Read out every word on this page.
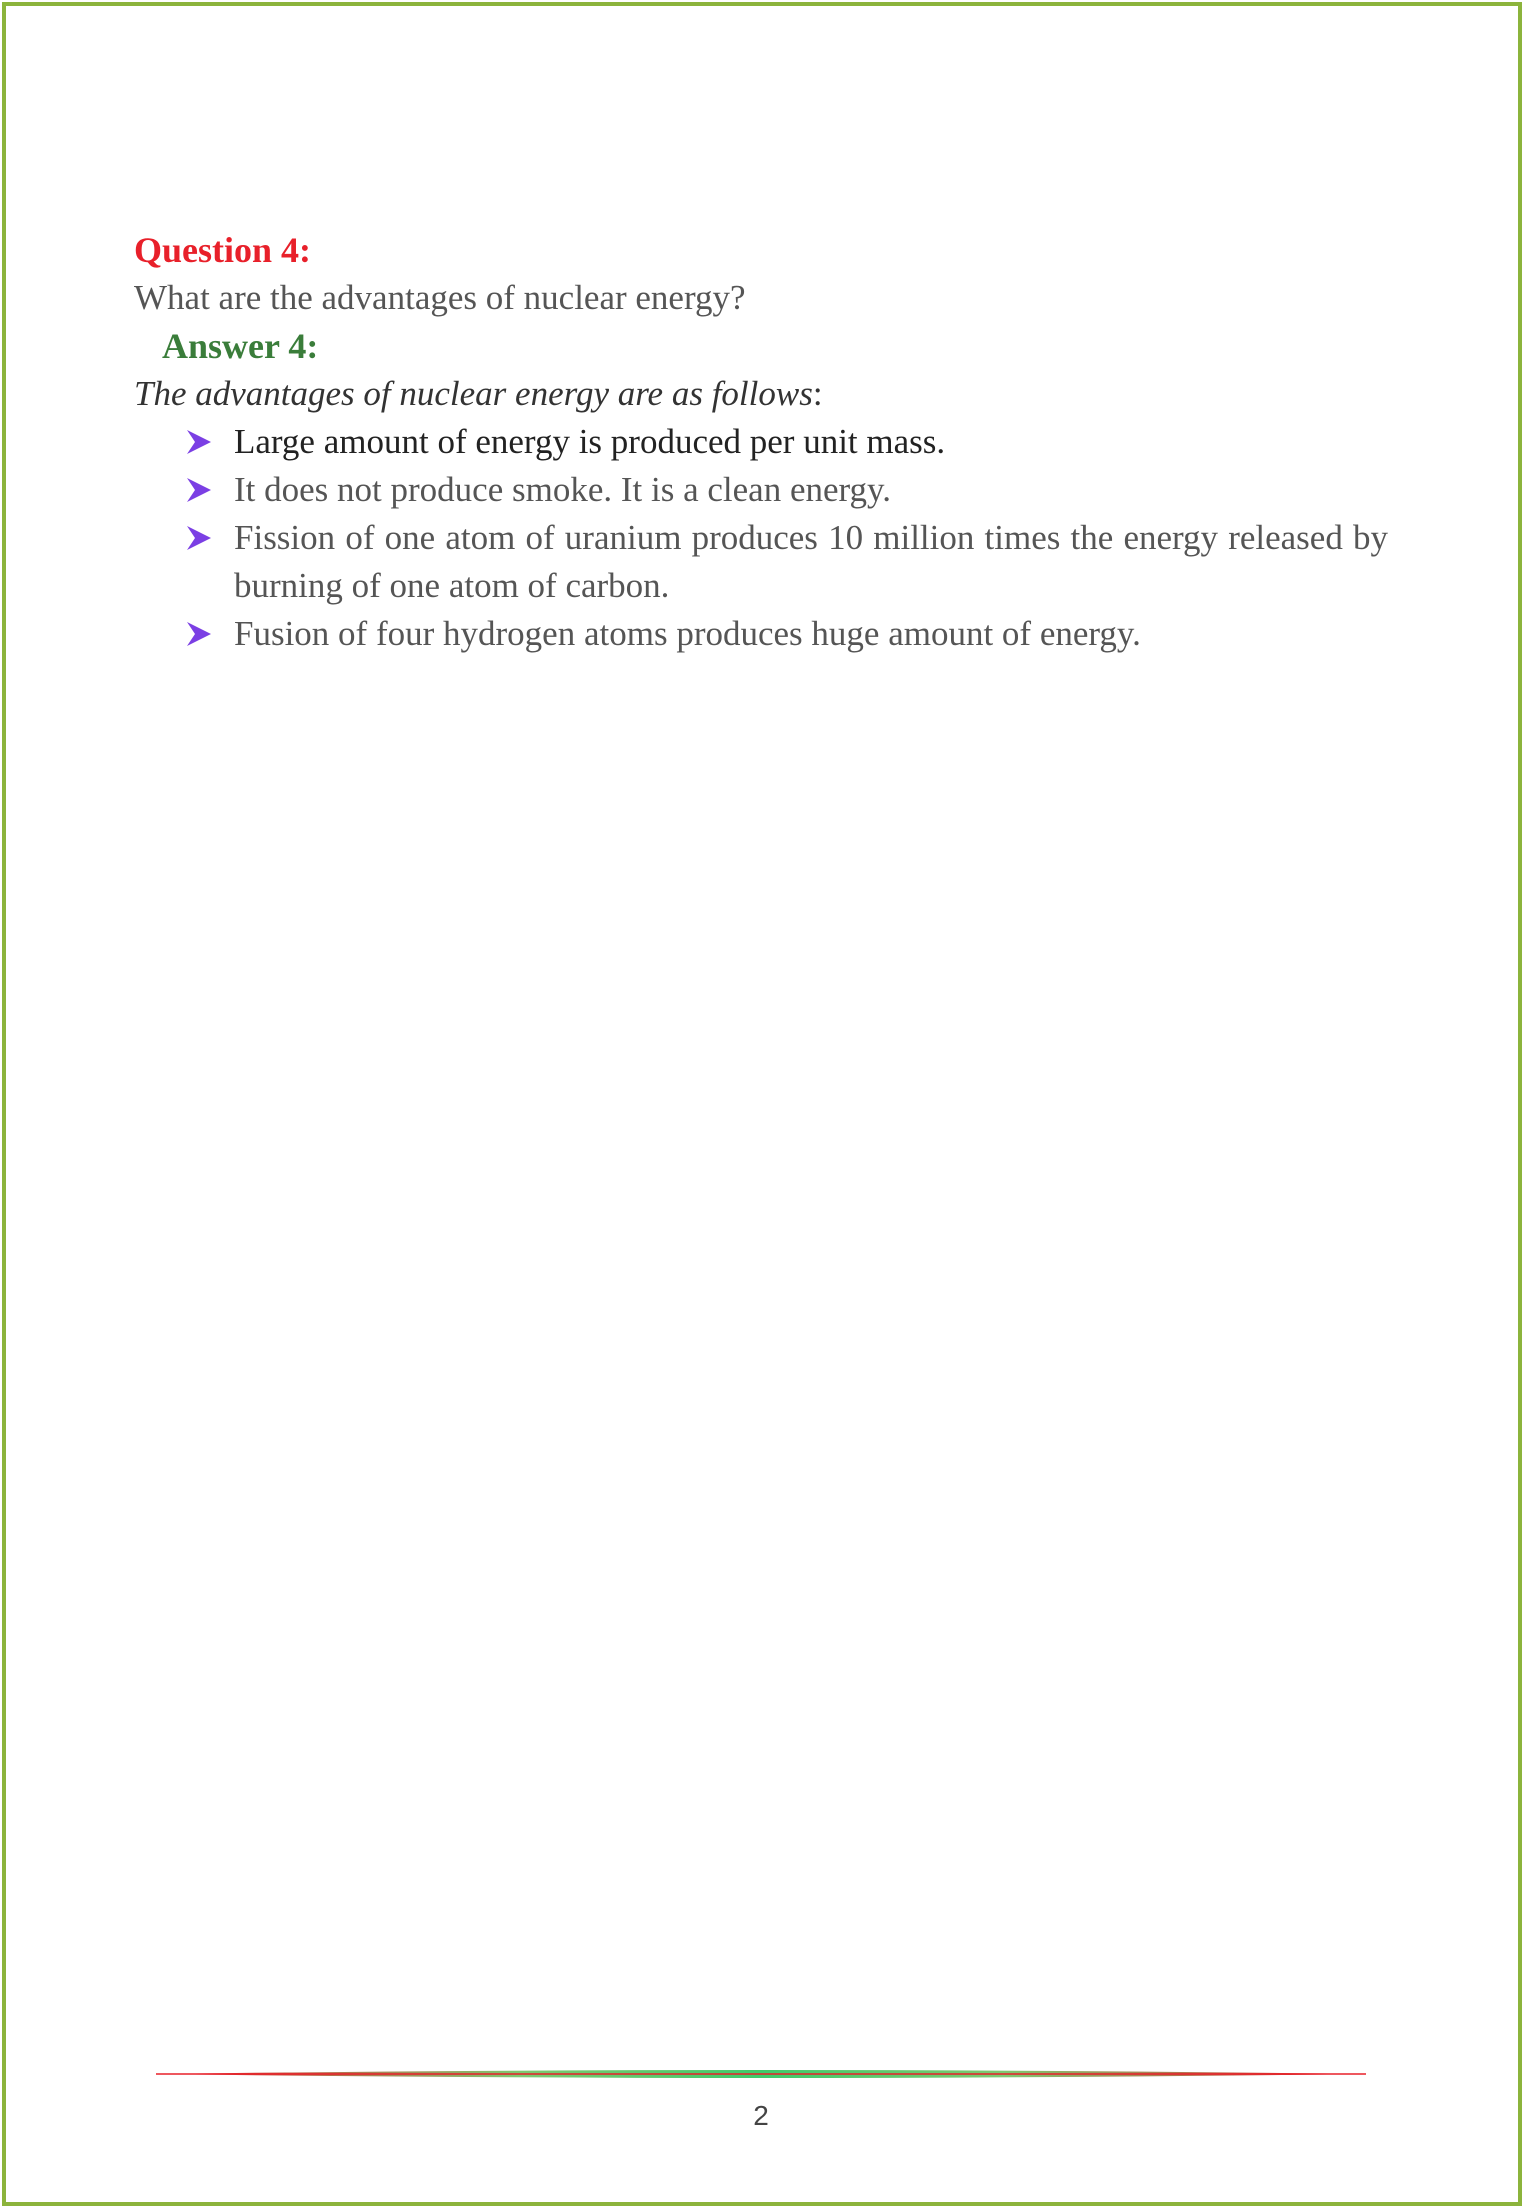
Question 4:

What are the advantages of nuclear energy?

Answer 4:

The advantages of nuclear energy are as follows:

Large amount of energy is produced per unit mass.
It does not produce smoke. It is a clean energy.
Fission of one atom of uranium produces 10 million times the energy released by burning of one atom of carbon.
Fusion of four hydrogen atoms produces huge amount of energy.
2
